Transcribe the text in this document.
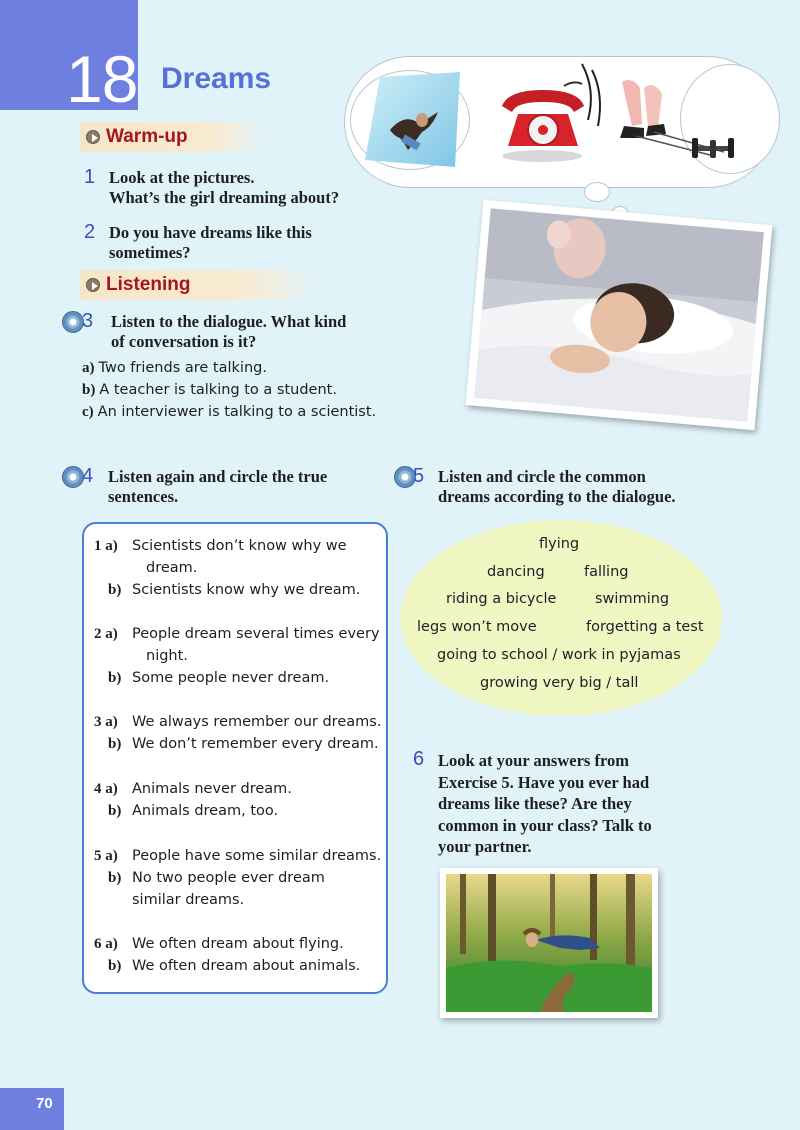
18 Dreams
Warm-up
1 Look at the pictures.
What’s the girl dreaming about?
2 Do you have dreams like this
sometimes?
Listening
3 Listen to the dialogue. What kind
of conversation is it?
a) Two friends are talking.
b) A teacher is talking to a student.
c) An interviewer is talking to a scientist.
4 Listen again and circle the true
sentences.
1 a) Scientists don’t know why we
dream.
b) Scientists know why we dream.
2 a) People dream several times every
night.
b) Some people never dream.
3 a) We always remember our dreams.
b) We don’t remember every dream.
4 a) Animals never dream.
b) Animals dream, too.
5 a) People have some similar dreams.
b) No two people ever dream
similar dreams.
6 a) We often dream about flying.
b) We often dream about animals.
5 Listen and circle the common
dreams according to the dialogue.
flying
dancing	falling
riding a bicycle	swimming
legs won’t move	forgetting a test
going to school / work in pyjamas
growing very big / tall
6 Look at your answers from
Exercise 5. Have you ever had
dreams like these? Are they
common in your class? Talk to
your partner.
70
